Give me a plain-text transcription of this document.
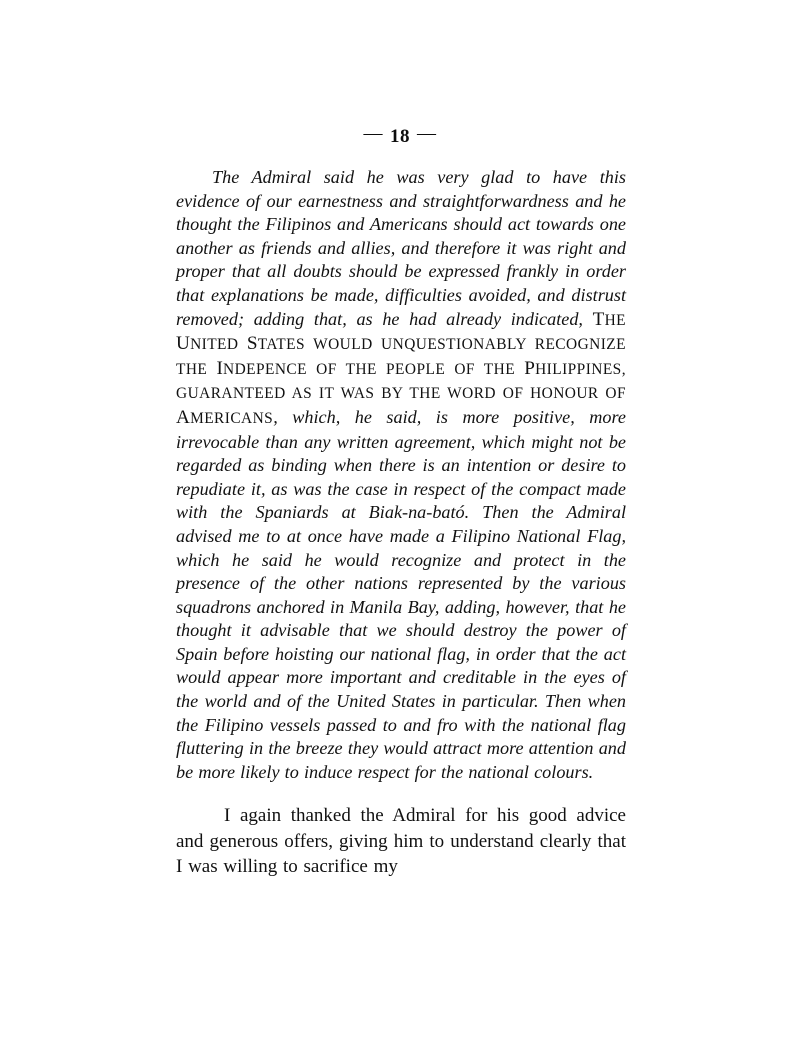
— 18 —

The Admiral said he was very glad to have this evidence of our earnestness and straightforwardness and he thought the Filipinos and Americans should act towards one another as friends and allies, and therefore it was right and proper that all doubts should be expressed frankly in order that explanations be made, difficulties avoided, and distrust removed; adding that, as he had already indicated, THE UNITED STATES WOULD UNQUESTIONABLY RECOGNIZE THE INDEPENCE OF THE PEOPLE OF THE PHILIPPINES, GUARANTEED AS IT WAS BY THE WORD OF HONOUR OF AMERICANS, which, he said, is more positive, more irrevocable than any written agreement, which might not be regarded as binding when there is an intention or desire to repudiate it, as was the case in respect of the compact made with the Spaniards at Biak-na-bató. Then the Admiral advised me to at once have made a Filipino National Flag, which he said he would recognize and protect in the presence of the other nations represented by the various squadrons anchored in Manila Bay, adding, however, that he thought it advisable that we should destroy the power of Spain before hoisting our national flag, in order that the act would appear more important and creditable in the eyes of the world and of the United States in particular. Then when the Filipino vessels passed to and fro with the national flag fluttering in the breeze they would attract more attention and be more likely to induce respect for the national colours.

I again thanked the Admiral for his good advice and generous offers, giving him to understand clearly that I was willing to sacrifice my
